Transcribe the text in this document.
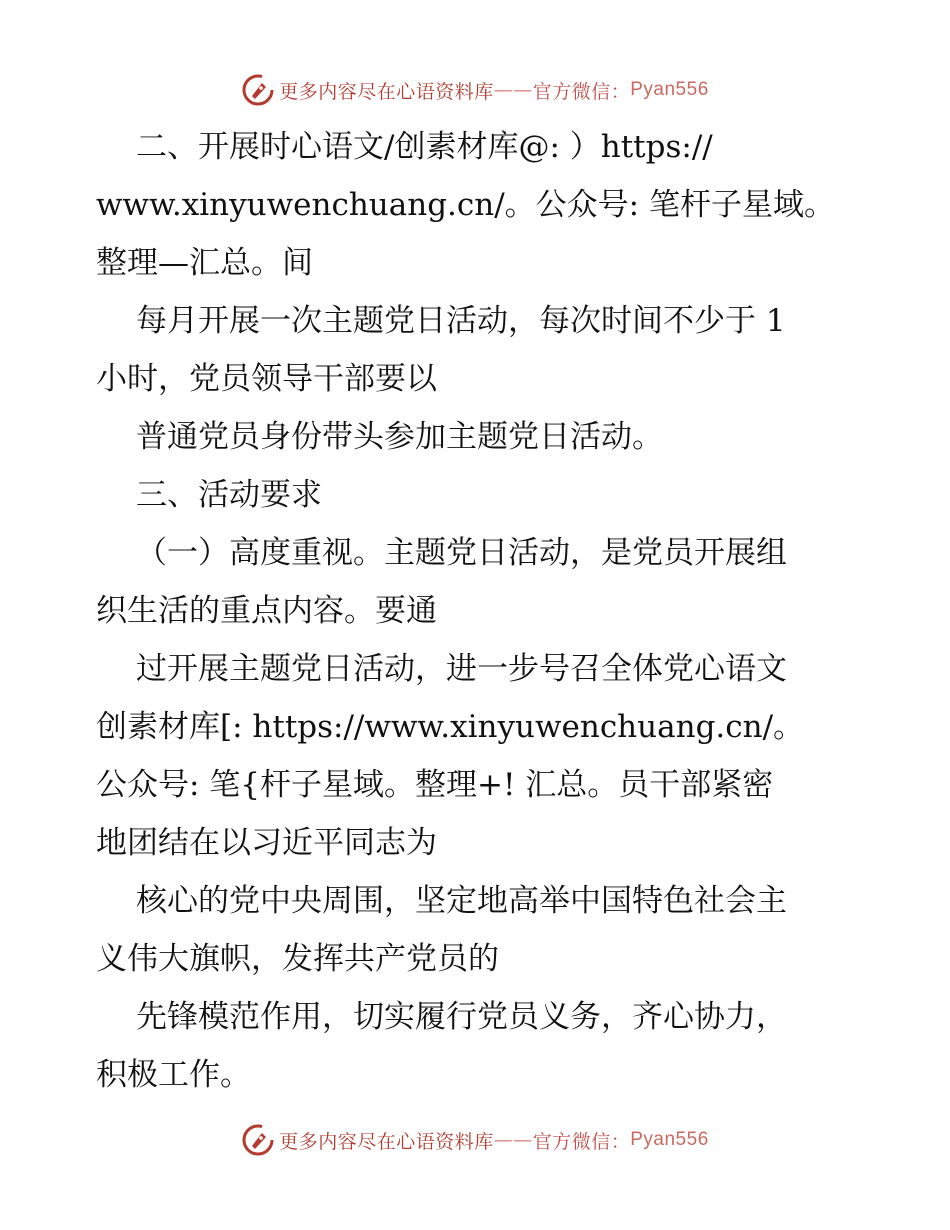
更多内容尽在心语资料库 —— 官方微信： Pyan556
二、开展时心语文/创素材库@: ）https://
www.xinyuwenchuang.cn/。公众号: 笔杆子星域。
整理—汇总。间
每月开展一次主题党日活动，每次时间不少于 1
小时，党员领导干部要以
普通党员身份带头参加主题党日活动。
三、活动要求
（一）高度重视。主题党日活动，是党员开展组
织生活的重点内容。要通
过开展主题党日活动，进一步号召全体党心语文
创素材库[: https://www.xinyuwenchuang.cn/。
公众号: 笔{杆子星域。整理+! 汇总。员干部紧密
地团结在以习近平同志为
核心的党中央周围，坚定地高举中国特色社会主
义伟大旗帜，发挥共产党员的
先锋模范作用，切实履行党员义务，齐心协力，
积极工作。
更多内容尽在心语资料库 —— 官方微信： Pyan556
